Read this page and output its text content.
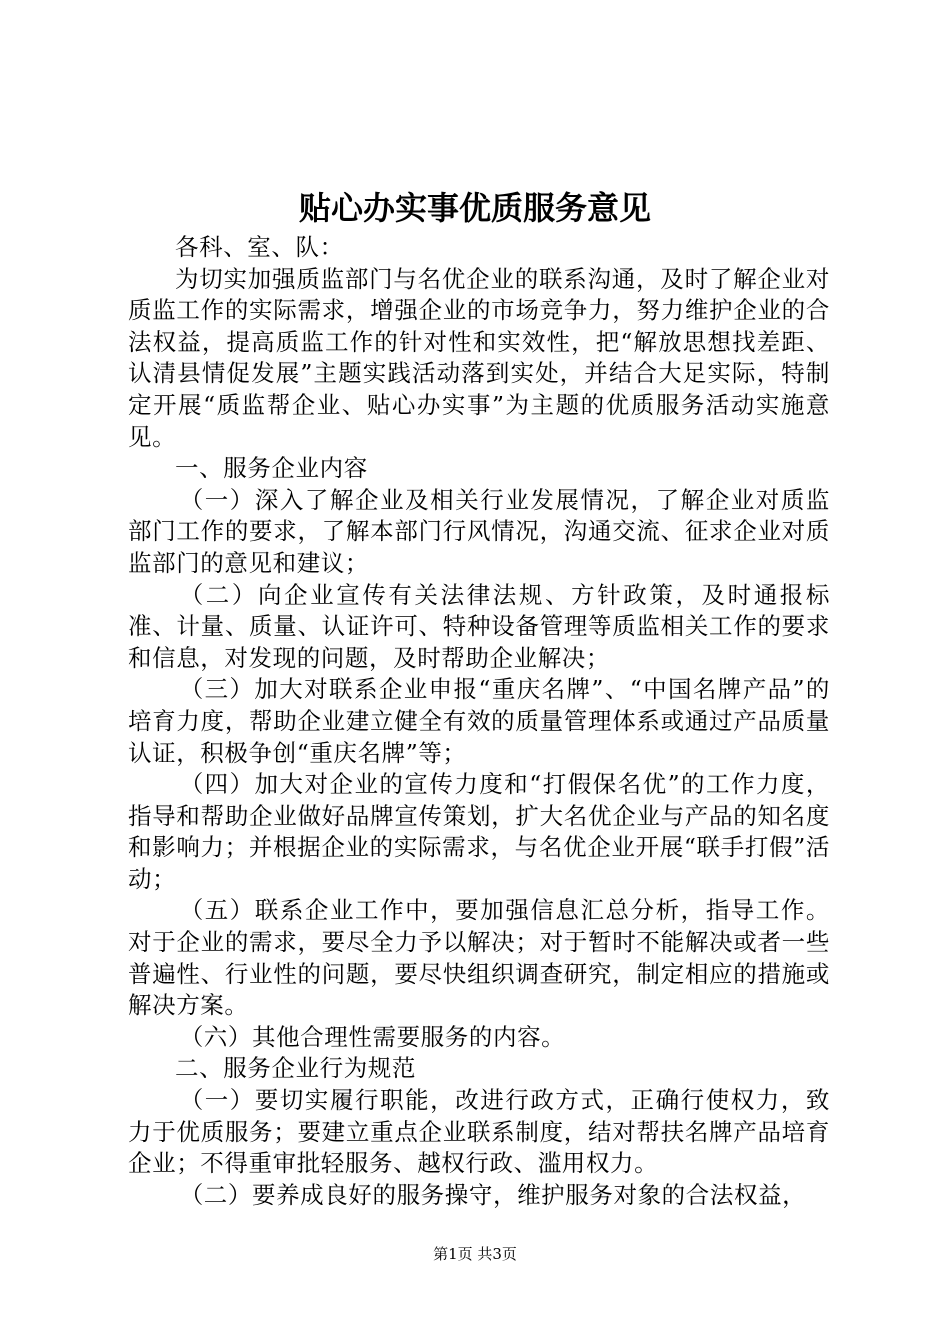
贴心办实事优质服务意见

各科、室、队：

为切实加强质监部门与名优企业的联系沟通，及时了解企业对质监工作的实际需求，增强企业的市场竞争力，努力维护企业的合法权益，提高质监工作的针对性和实效性，把“解放思想找差距、认清县情促发展”主题实践活动落到实处，并结合大足实际，特制定开展“质监帮企业、贴心办实事”为主题的优质服务活动实施意见。

一、服务企业内容

（一）深入了解企业及相关行业发展情况，了解企业对质监部门工作的要求，了解本部门行风情况，沟通交流、征求企业对质监部门的意见和建议；

（二）向企业宣传有关法律法规、方针政策，及时通报标准、计量、质量、认证许可、特种设备管理等质监相关工作的要求和信息，对发现的问题，及时帮助企业解决；

（三）加大对联系企业申报“重庆名牌”、“中国名牌产品”的培育力度，帮助企业建立健全有效的质量管理体系或通过产品质量认证，积极争创“重庆名牌”等；

（四）加大对企业的宣传力度和“打假保名优”的工作力度，指导和帮助企业做好品牌宣传策划，扩大名优企业与产品的知名度和影响力；并根据企业的实际需求，与名优企业开展“联手打假”活动；

（五）联系企业工作中，要加强信息汇总分析，指导工作。对于企业的需求，要尽全力予以解决；对于暂时不能解决或者一些普遍性、行业性的问题，要尽快组织调查研究，制定相应的措施或解决方案。

（六）其他合理性需要服务的内容。

二、服务企业行为规范

（一）要切实履行职能，改进行政方式，正确行使权力，致力于优质服务；要建立重点企业联系制度，结对帮扶名牌产品培育企业；不得重审批轻服务、越权行政、滥用权力。

（二）要养成良好的服务操守，维护服务对象的合法权益，

第1页 共3页
